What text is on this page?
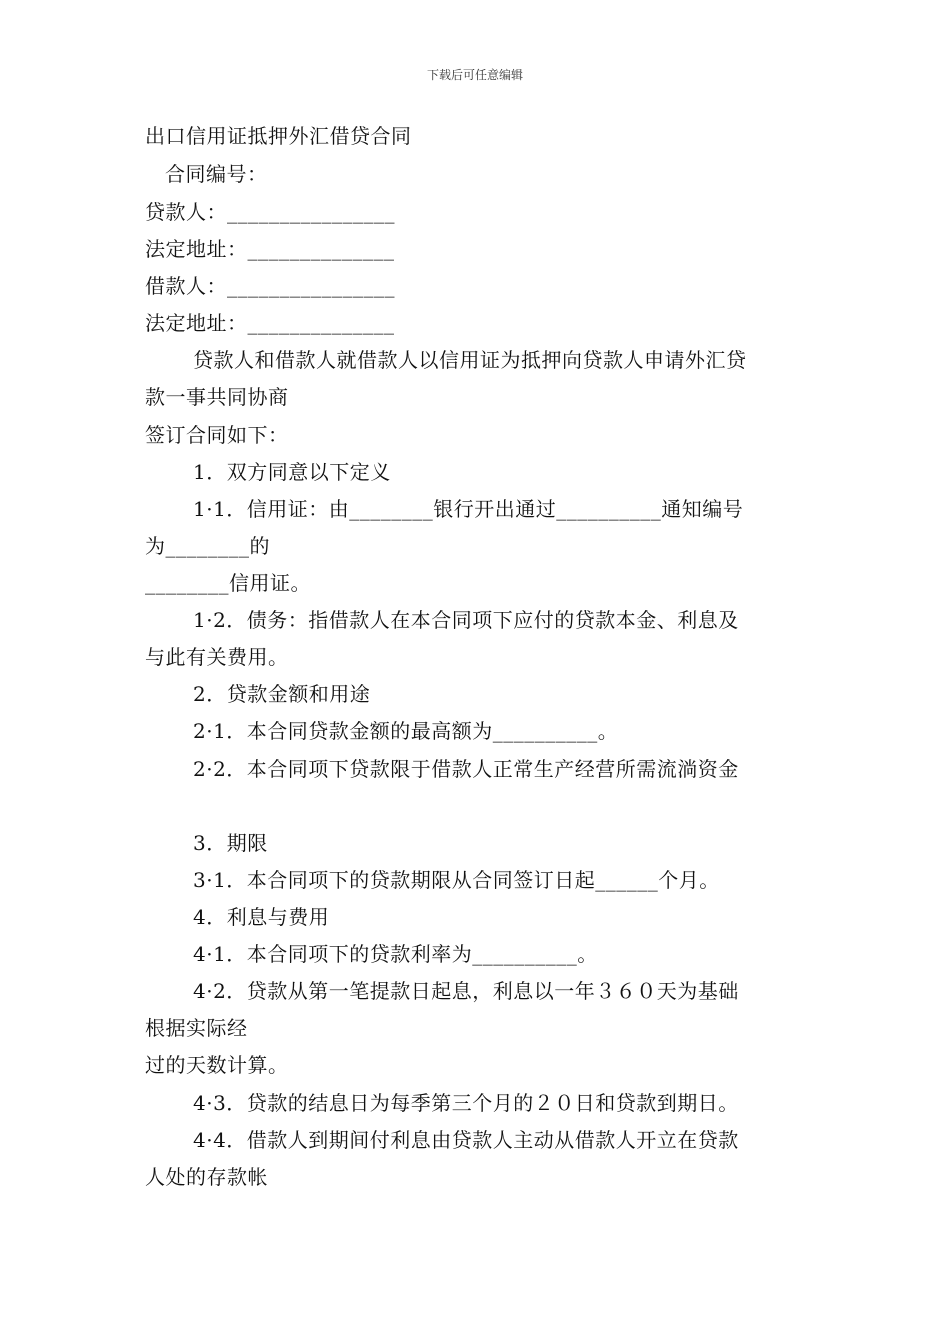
下载后可任意编辑
出口信用证抵押外汇借贷合同
合同编号：
贷款人：________________
法定地址：______________
借款人：________________
法定地址：______________
贷款人和借款人就借款人以信用证为抵押向贷款人申请外汇贷
款一事共同协商
签订合同如下：
1．双方同意以下定义
1·1．信用证：由________银行开出通过__________通知编号
为________的
________信用证。
1·2．债务：指借款人在本合同项下应付的贷款本金、利息及
与此有关费用。
2．贷款金额和用途
2·1．本合同贷款金额的最高额为__________。
2·2．本合同项下贷款限于借款人正常生产经营所需流淌资金
3．期限
3·1．本合同项下的贷款期限从合同签订日起______个月。
4．利息与费用
4·1．本合同项下的贷款利率为__________。
4·2．贷款从第一笔提款日起息，利息以一年３６０天为基础
根据实际经
过的天数计算。
4·3．贷款的结息日为每季第三个月的２０日和贷款到期日。
4·4．借款人到期间付利息由贷款人主动从借款人开立在贷款
人处的存款帐
